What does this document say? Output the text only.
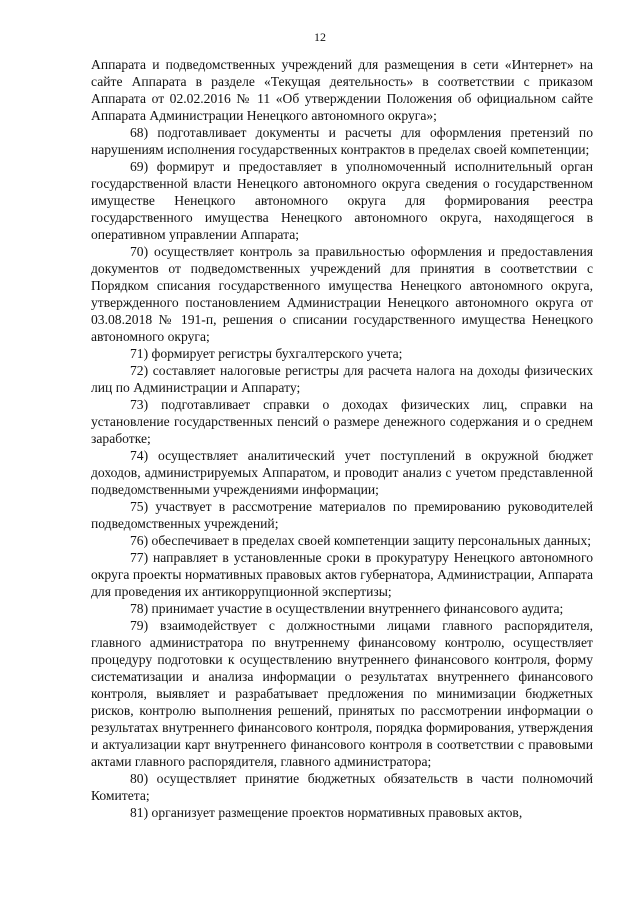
12

Аппарата и подведомственных учреждений для размещения в сети «Интернет» на сайте Аппарата в разделе «Текущая деятельность» в соответствии с приказом Аппарата от 02.02.2016 № 11 «Об утверждении Положения об официальном сайте Аппарата Администрации Ненецкого автономного округа»;

68) подготавливает документы и расчеты для оформления претензий по нарушениям исполнения государственных контрактов в пределах своей компетенции;

69) формирут и предоставляет в уполномоченный исполнительный орган государственной власти Ненецкого автономного округа сведения о государственном имуществе Ненецкого автономного округа для формирования реестра государственного имущества Ненецкого автономного округа, находящегося в оперативном управлении Аппарата;

70) осуществляет контроль за правильностью оформления и предоставления документов от подведомственных учреждений для принятия в соответствии с Порядком списания государственного имущества Ненецкого автономного округа, утвержденного постановлением Администрации Ненецкого автономного округа от 03.08.2018 № 191-п, решения о списании государственного имущества Ненецкого автономного округа;

71) формирует регистры бухгалтерского учета;

72) составляет налоговые регистры для расчета налога на доходы физических лиц по Администрации и Аппарату;

73) подготавливает справки о доходах физических лиц, справки на установление государственных пенсий о размере денежного содержания и о среднем заработке;

74) осуществляет аналитический учет поступлений в окружной бюджет доходов, администрируемых Аппаратом, и проводит анализ с учетом представленной подведомственными учреждениями информации;

75) участвует в рассмотрение материалов по премированию руководителей подведомственных учреждений;

76) обеспечивает в пределах своей компетенции защиту персональных данных;

77) направляет в установленные сроки в прокуратуру Ненецкого автономного округа проекты нормативных правовых актов губернатора, Администрации, Аппарата для проведения их антикоррупционной экспертизы;

78) принимает участие в осуществлении внутреннего финансового аудита;

79) взаимодействует с должностными лицами главного распорядителя, главного администратора по внутреннему финансовому контролю, осуществляет процедуру подготовки к осуществлению внутреннего финансового контроля, форму систематизации и анализа информации о результатах внутреннего финансового контроля, выявляет и разрабатывает предложения по минимизации бюджетных рисков, контролю выполнения решений, принятых по рассмотрении информации о результатах внутреннего финансового контроля, порядка формирования, утверждения и актуализации карт внутреннего финансового контроля в соответствии с правовыми актами главного распорядителя, главного администратора;

80) осуществляет принятие бюджетных обязательств в части полномочий Комитета;

81) организует размещение проектов нормативных правовых актов,
